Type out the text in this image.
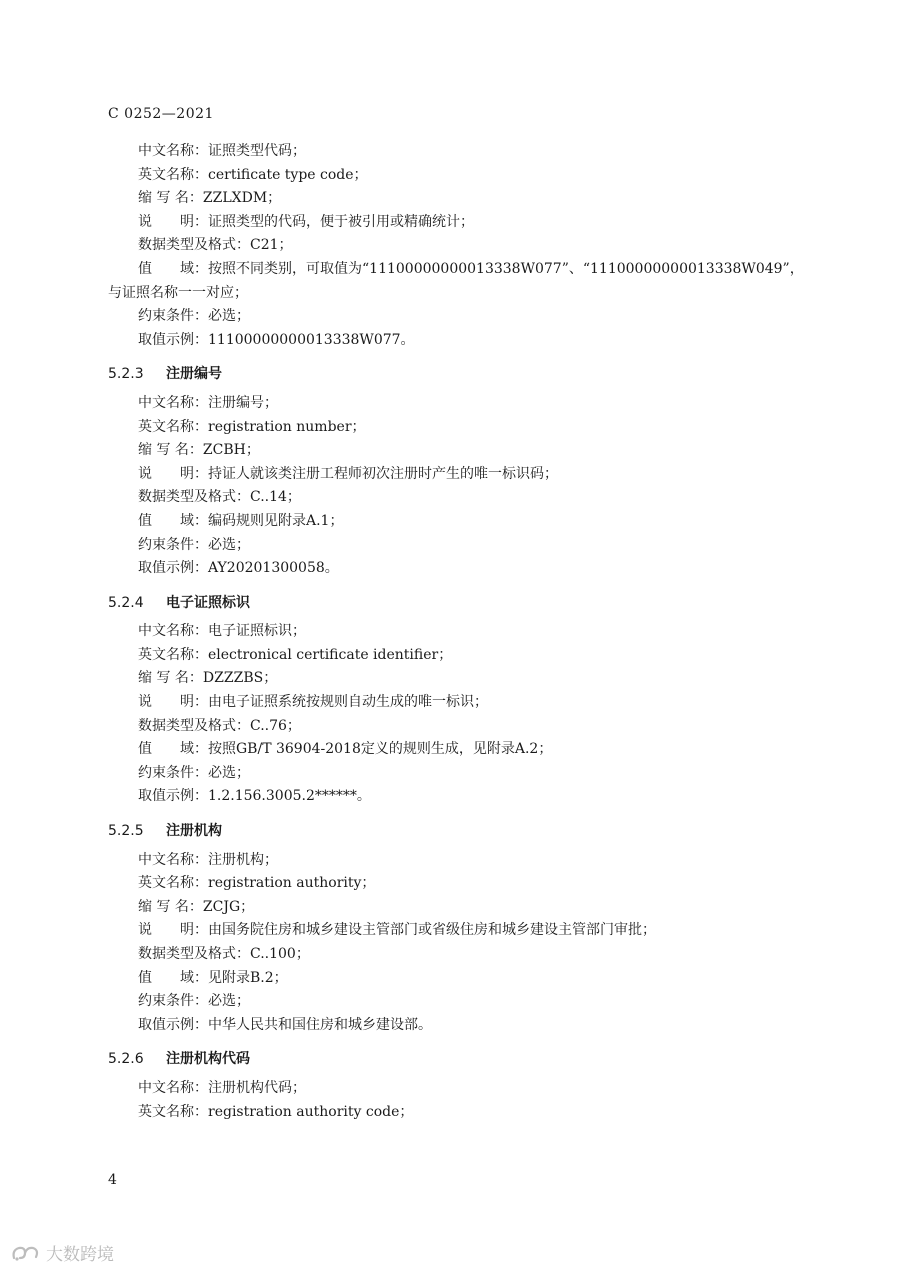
C 0252—2021
中文名称：证照类型代码；
英文名称：certificate type code；
缩 写 名：ZZLXDM；
说　　明：证照类型的代码，便于被引用或精确统计；
数据类型及格式：C21；
值　　域：按照不同类别，可取值为“11100000000013338W077”、“11100000000013338W049”，
与证照名称一一对应；
约束条件：必选；
取值示例：11100000000013338W077。
5.2.3 注册编号
中文名称：注册编号；
英文名称：registration number；
缩 写 名：ZCBH；
说　　明：持证人就该类注册工程师初次注册时产生的唯一标识码；
数据类型及格式：C..14；
值　　域：编码规则见附录A.1；
约束条件：必选；
取值示例：AY20201300058。
5.2.4 电子证照标识
中文名称：电子证照标识；
英文名称：electronical certificate identifier；
缩 写 名：DZZZBS；
说　　明：由电子证照系统按规则自动生成的唯一标识；
数据类型及格式：C..76；
值　　域：按照GB/T 36904-2018定义的规则生成，见附录A.2；
约束条件：必选；
取值示例：1.2.156.3005.2******。
5.2.5 注册机构
中文名称：注册机构；
英文名称：registration authority；
缩 写 名：ZCJG；
说　　明：由国务院住房和城乡建设主管部门或省级住房和城乡建设主管部门审批；
数据类型及格式：C..100；
值　　域：见附录B.2；
约束条件：必选；
取值示例：中华人民共和国住房和城乡建设部。
5.2.6 注册机构代码
中文名称：注册机构代码；
英文名称：registration authority code；
4
大数跨境
